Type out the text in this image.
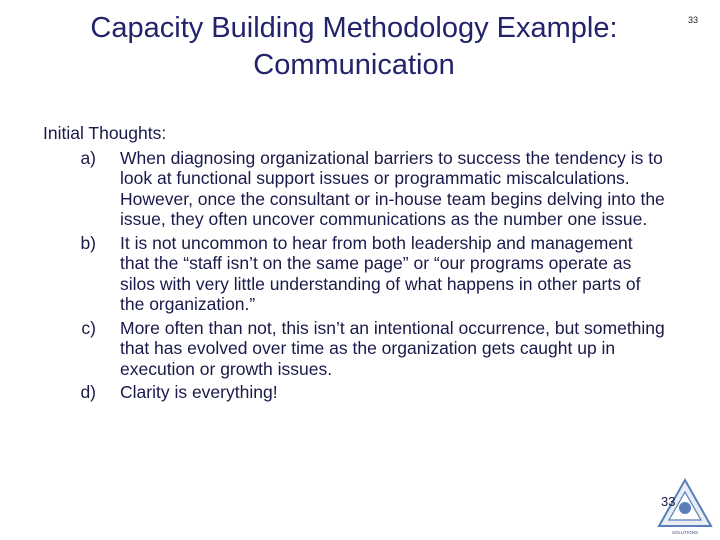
Capacity Building Methodology Example:
Communication
33
Initial Thoughts:
a)	When diagnosing organizational barriers to success the tendency is to look at functional support issues or programmatic miscalculations. However, once the consultant or in-house team begins delving into the issue, they often uncover communications as the number one issue.
b)	It is not uncommon to hear from both leadership and management that the “staff isn’t on the same page” or “our programs operate as silos with very little understanding of what happens in other parts of the organization.”
c)	More often than not, this isn’t an intentional occurrence, but something that has evolved over time as the organization gets caught up in execution or growth issues.
d)	Clarity is everything!
SOLUTIONS
33
